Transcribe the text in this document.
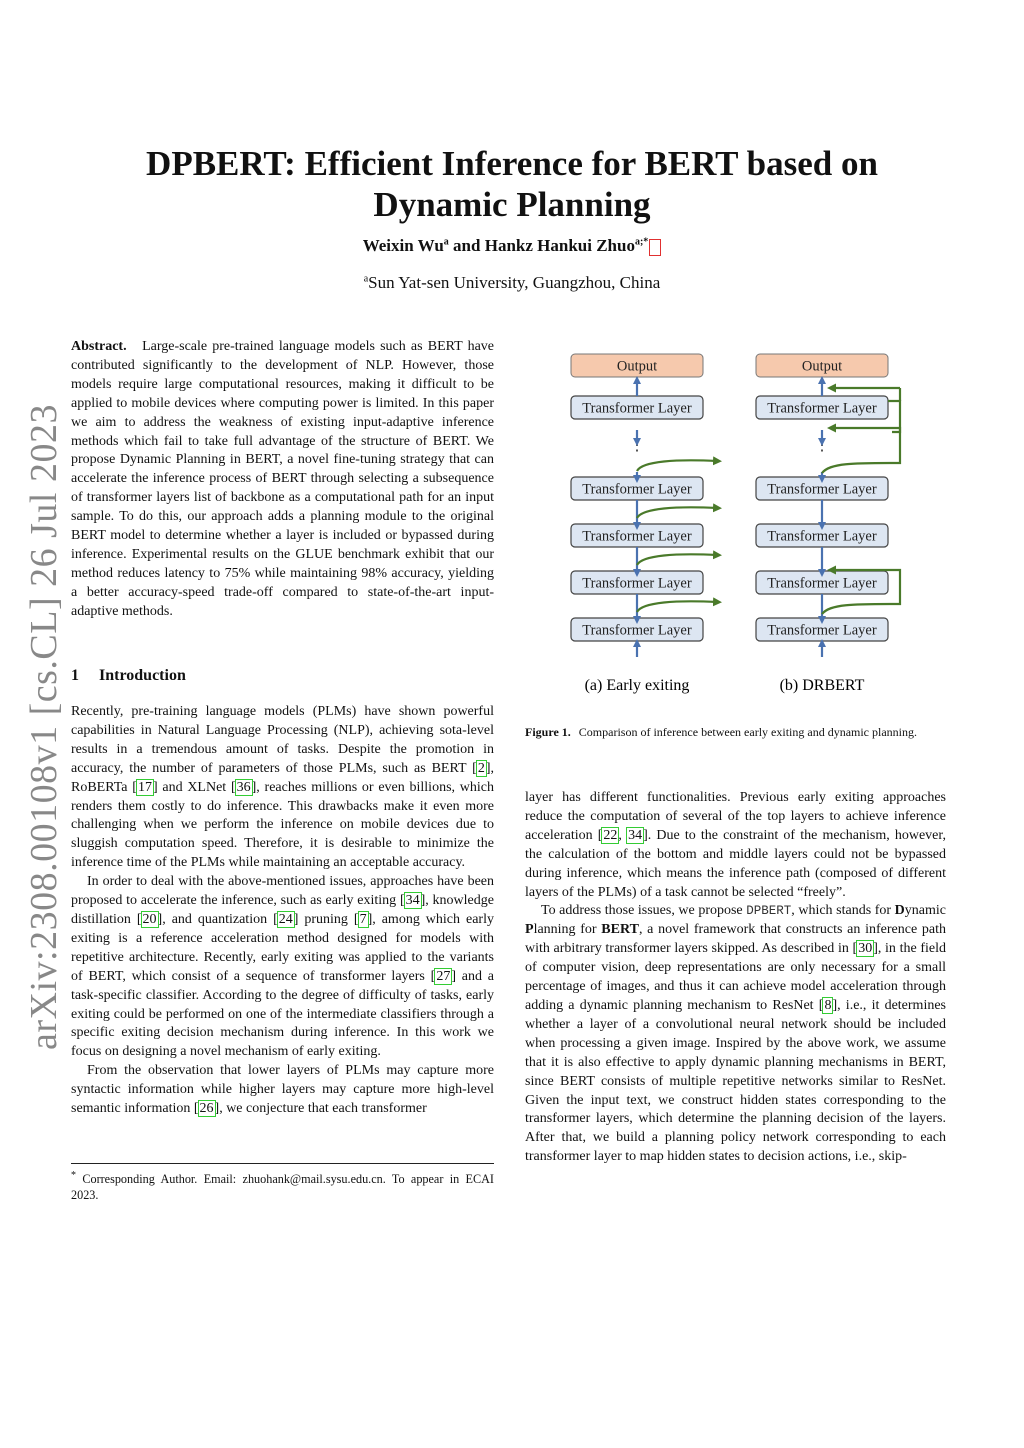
arXiv:2308.00108v1 [cs.CL] 26 Jul 2023
DPBERT: Efficient Inference for BERT based on
Dynamic Planning
Weixin Wu$^a$ and Hankz Hankui Zhuo$^{a;*}$
$^a$Sun Yat-sen University, Guangzhou, China

Abstract. Large-scale pre-trained language models such as BERT have contributed significantly to the development of NLP. However, those models require large computational resources, making it difficult to be applied to mobile devices where computing power is limited. In this paper we aim to address the weakness of existing input-adaptive inference methods which fail to take full advantage of the structure of BERT. We propose Dynamic Planning in BERT, a novel fine-tuning strategy that can accelerate the inference process of BERT through selecting a subsequence of transformer layers list of backbone as a computational path for an input sample. To do this, our approach adds a planning module to the original BERT model to determine whether a layer is included or bypassed during inference. Experimental results on the GLUE benchmark exhibit that our method reduces latency to 75% while maintaining 98% accuracy, yielding a better accuracy-speed trade-off compared to state-of-the-art input-adaptive methods.

1 Introduction

Recently, pre-training language models (PLMs) have shown powerful capabilities in Natural Language Processing (NLP), achieving sota-level results in a tremendous amount of tasks. Despite the promotion in accuracy, the number of parameters of those PLMs, such as BERT [2], RoBERTa [17] and XLNet [36], reaches millions or even billions, which renders them costly to do inference. This drawbacks make it even more challenging when we perform the inference on mobile devices due to sluggish computation speed. Therefore, it is desirable to minimize the inference time of the PLMs while maintaining an acceptable accuracy.

In order to deal with the above-mentioned issues, approaches have been proposed to accelerate the inference, such as early exiting [34], knowledge distillation [20], and quantization [24] pruning [7], among which early exiting is a reference acceleration method designed for models with repetitive architecture. Recently, early exiting was applied to the variants of BERT, which consist of a sequence of transformer layers [27] and a task-specific classifier. According to the degree of difficulty of tasks, early exiting could be performed on one of the intermediate classifiers through a specific exiting decision mechanism during inference. In this work we focus on designing a novel mechanism of early exiting.

From the observation that lower layers of PLMs may capture more syntactic information while higher layers may capture more high-level semantic information [26], we conjecture that each transformer

* Corresponding Author. Email: zhuohank@mail.sysu.edu.cn. To appear in ECAI 2023.
Output
Transformer Layer
Transformer Layer
Transformer Layer
Transformer Layer
Transformer Layer
⋮
Output
Transformer Layer
Transformer Layer
Transformer Layer
Transformer Layer
Transformer Layer
⋮
(a) Early exiting	(b) DRBERT
Figure 1. Comparison of inference between early exiting and dynamic planning.

layer has different functionalities. Previous early exiting approaches reduce the computation of several of the top layers to achieve inference acceleration [22, 34]. Due to the constraint of the mechanism, however, the calculation of the bottom and middle layers could not be bypassed during inference, which means the inference path (composed of different layers of the PLMs) of a task cannot be selected “freely”.

To address those issues, we propose DPBERT, which stands for Dynamic Planning for BERT, a novel framework that constructs an inference path with arbitrary transformer layers skipped. As described in [30], in the field of computer vision, deep representations are only necessary for a small percentage of images, and thus it can achieve model acceleration through adding a dynamic planning mechanism to ResNet [8], i.e., it determines whether a layer of a convolutional neural network should be included when processing a given image. Inspired by the above work, we assume that it is also effective to apply dynamic planning mechanisms in BERT, since BERT consists of multiple repetitive networks similar to ResNet. Given the input text, we construct hidden states corresponding to the transformer layers, which determine the planning decision of the layers. After that, we build a planning policy network corresponding to each transformer layer to map hidden states to decision actions, i.e., skip-
